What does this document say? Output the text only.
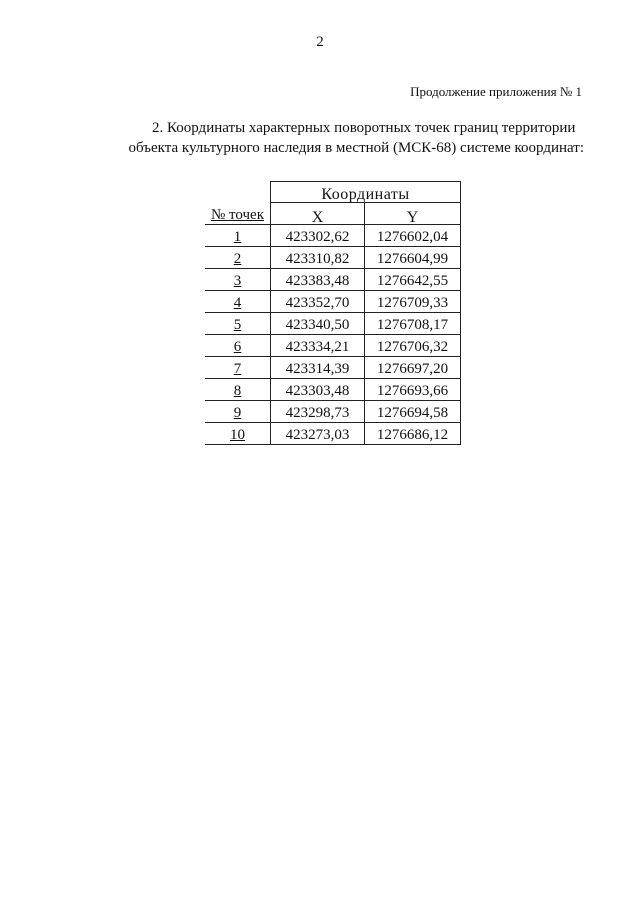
2
Продолжение приложения № 1
2. Координаты характерных поворотных точек границ территории
объекта культурного наследия в местной (МСК-68) системе координат:
	Координаты	
№ точек	X	Y
1	423302,62	1276602,04
2	423310,82	1276604,99
3	423383,48	1276642,55
4	423352,70	1276709,33
5	423340,50	1276708,17
6	423334,21	1276706,32
7	423314,39	1276697,20
8	423303,48	1276693,66
9	423298,73	1276694,58
10	423273,03	1276686,12
